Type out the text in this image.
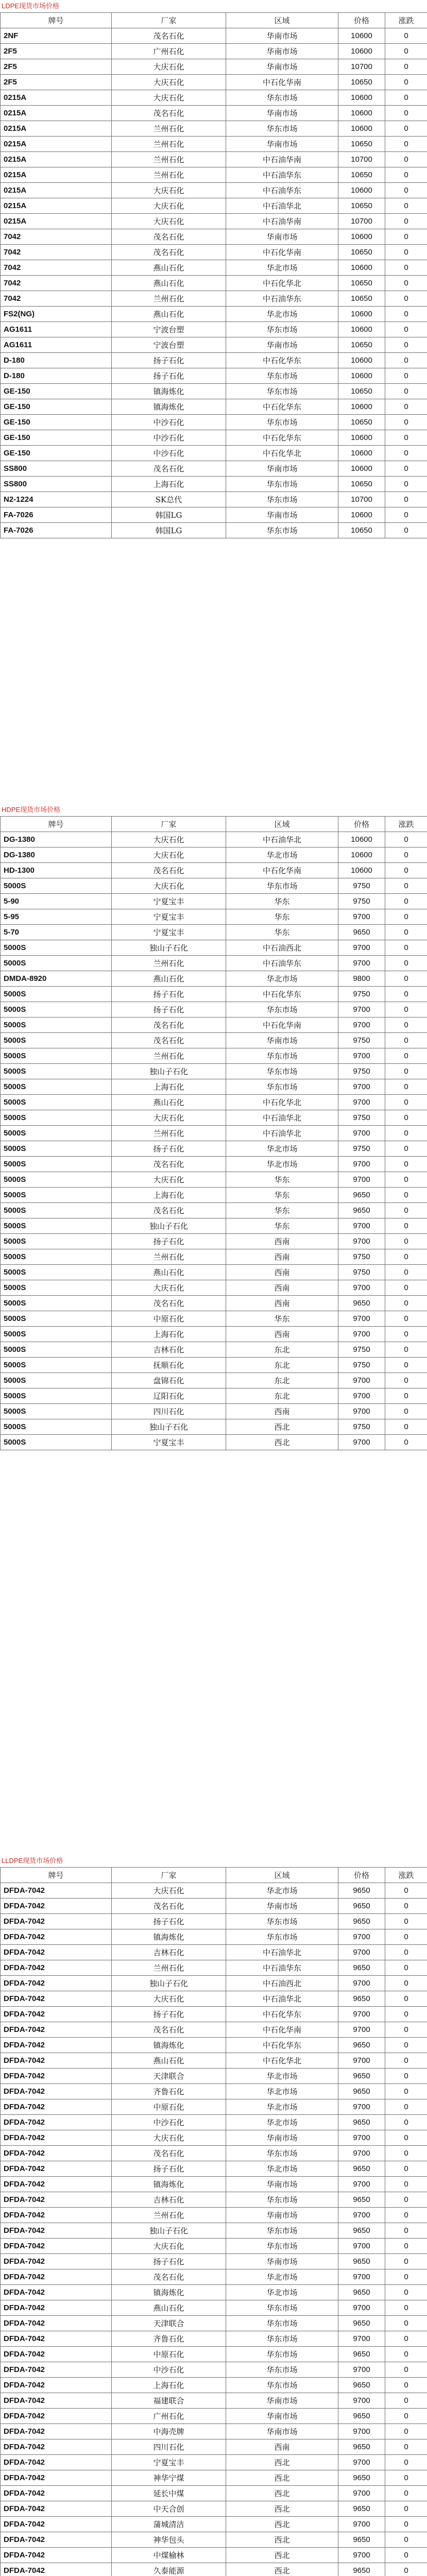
LDPE现货市场价格
牌号	厂家	区域	价格	涨跌
2NF	茂名石化	华南市场	10600	0
2F5	广州石化	华南市场	10600	0
2F5	大庆石化	华南市场	10700	0
2F5	大庆石化	中石化华南	10650	0
0215A	大庆石化	华东市场	10600	0
0215A	茂名石化	华南市场	10600	0
0215A	兰州石化	华东市场	10600	0
0215A	兰州石化	华南市场	10650	0
0215A	兰州石化	中石油华南	10700	0
0215A	兰州石化	中石油华东	10650	0
0215A	大庆石化	中石油华东	10600	0
0215A	大庆石化	中石油华北	10650	0
0215A	大庆石化	中石油华南	10700	0
7042	茂名石化	华南市场	10600	0
7042	茂名石化	中石化华南	10650	0
7042	燕山石化	华北市场	10600	0
7042	燕山石化	中石化华北	10650	0
7042	兰州石化	中石油华东	10650	0
FS2(NG)	燕山石化	华北市场	10600	0
AG1611	宁波台塑	华东市场	10600	0
AG1611	宁波台塑	华南市场	10650	0
D-180	扬子石化	中石化华东	10600	0
D-180	扬子石化	华东市场	10600	0
GE-150	镇海炼化	华东市场	10650	0
GE-150	镇海炼化	中石化华东	10600	0
GE-150	中沙石化	华东市场	10650	0
GE-150	中沙石化	中石化华东	10600	0
GE-150	中沙石化	中石化华北	10600	0
SS800	茂名石化	华南市场	10600	0
SS800	上海石化	华东市场	10650	0
N2-1224	SK总代	华东市场	10700	0
FA-7026	韩国LG	华南市场	10600	0
FA-7026	韩国LG	华东市场	10650	0
HDPE现货市场价格
牌号	厂家	区域	价格	涨跌
DG-1380	大庆石化	中石油华北	10600	0
DG-1380	大庆石化	华北市场	10600	0
HD-1300	茂名石化	中石化华南	10600	0
5000S	大庆石化	华东市场	9750	0
5-90	宁夏宝丰	华东	9750	0
5-95	宁夏宝丰	华东	9700	0
5-70	宁夏宝丰	华东	9650	0
5000S	独山子石化	中石油西北	9700	0
5000S	兰州石化	中石油华东	9700	0
DMDA-8920	燕山石化	华北市场	9800	0
5000S	扬子石化	中石化华东	9750	0
5000S	扬子石化	华东市场	9700	0
5000S	茂名石化	中石化华南	9700	0
5000S	茂名石化	华南市场	9750	0
5000S	兰州石化	华东市场	9700	0
5000S	独山子石化	华东市场	9750	0
5000S	上海石化	华东市场	9700	0
5000S	燕山石化	中石化华北	9700	0
5000S	大庆石化	中石油华北	9750	0
5000S	兰州石化	中石油华北	9700	0
5000S	扬子石化	华北市场	9750	0
5000S	茂名石化	华北市场	9700	0
5000S	大庆石化	华东	9700	0
5000S	上海石化	华东	9650	0
5000S	茂名石化	华东	9650	0
5000S	独山子石化	华东	9700	0
5000S	扬子石化	西南	9700	0
5000S	兰州石化	西南	9750	0
5000S	燕山石化	西南	9750	0
5000S	大庆石化	西南	9700	0
5000S	茂名石化	西南	9650	0
5000S	中原石化	华东	9700	0
5000S	上海石化	西南	9700	0
5000S	吉林石化	东北	9750	0
5000S	抚顺石化	东北	9750	0
5000S	盘锦石化	东北	9700	0
5000S	辽阳石化	东北	9700	0
5000S	四川石化	西南	9700	0
5000S	独山子石化	西北	9750	0
5000S	宁夏宝丰	西北	9700	0
LLDPE现货市场价格
牌号	厂家	区域	价格	涨跌
DFDA-7042	大庆石化	华北市场	9650	0
DFDA-7042	茂名石化	华南市场	9650	0
DFDA-7042	扬子石化	华东市场	9650	0
DFDA-7042	镇海炼化	华东市场	9700	0
DFDA-7042	吉林石化	中石油华北	9700	0
DFDA-7042	兰州石化	中石油华东	9650	0
DFDA-7042	独山子石化	中石油西北	9700	0
DFDA-7042	大庆石化	中石油华北	9650	0
DFDA-7042	扬子石化	中石化华东	9700	0
DFDA-7042	茂名石化	中石化华南	9700	0
DFDA-7042	镇海炼化	中石化华东	9650	0
DFDA-7042	燕山石化	中石化华北	9700	0
DFDA-7042	天津联合	华北市场	9650	0
DFDA-7042	齐鲁石化	华北市场	9650	0
DFDA-7042	中原石化	华北市场	9700	0
DFDA-7042	中沙石化	华北市场	9650	0
DFDA-7042	大庆石化	华南市场	9700	0
DFDA-7042	茂名石化	华东市场	9700	0
DFDA-7042	扬子石化	华北市场	9650	0
DFDA-7042	镇海炼化	华南市场	9700	0
DFDA-7042	吉林石化	华东市场	9650	0
DFDA-7042	兰州石化	华南市场	9700	0
DFDA-7042	独山子石化	华东市场	9650	0
DFDA-7042	大庆石化	华东市场	9700	0
DFDA-7042	扬子石化	华南市场	9650	0
DFDA-7042	茂名石化	华北市场	9700	0
DFDA-7042	镇海炼化	华北市场	9650	0
DFDA-7042	燕山石化	华东市场	9700	0
DFDA-7042	天津联合	华东市场	9650	0
DFDA-7042	齐鲁石化	华东市场	9700	0
DFDA-7042	中原石化	华东市场	9650	0
DFDA-7042	中沙石化	华东市场	9700	0
DFDA-7042	上海石化	华东市场	9650	0
DFDA-7042	福建联合	华南市场	9700	0
DFDA-7042	广州石化	华南市场	9650	0
DFDA-7042	中海壳牌	华南市场	9700	0
DFDA-7042	四川石化	西南	9650	0
DFDA-7042	宁夏宝丰	西北	9700	0
DFDA-7042	神华宁煤	西北	9650	0
DFDA-7042	延长中煤	西北	9700	0
DFDA-7042	中天合创	西北	9650	0
DFDA-7042	蒲城清洁	西北	9700	0
DFDA-7042	神华包头	西北	9650	0
DFDA-7042	中煤榆林	西北	9700	0
DFDA-7042	久泰能源	西北	9650	0
